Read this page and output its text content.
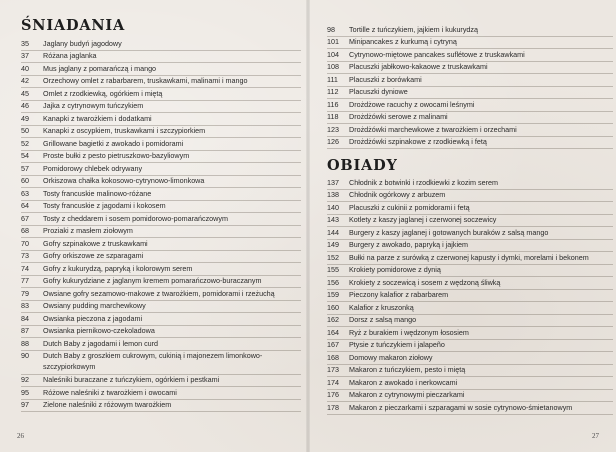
ŚNIADANIA
35	Jaglany budyń jagodowy
37	Różana jaglanka
40	Mus jaglany z pomarańczą i mango
42	Orzechowy omlet z rabarbarem, truskawkami, malinami i mango
45	Omlet z rzodkiewką, ogórkiem i miętą
46	Jajka z cytrynowym tuńczykiem
49	Kanapki z twarożkiem i dodatkami
50	Kanapki z oscypkiem, truskawkami i szczypiorkiem
52	Grillowane bagietki z awokado i pomidorami
54	Proste bułki z pesto pietruszkowo-bazyliowym
57	Pomidorowy chlebek odrywany
60	Orkiszowa chałka kokosowo-cytrynowo-limonkowa
63	Tosty francuskie malinowo-różane
64	Tosty francuskie z jagodami i kokosem
67	Tosty z cheddarem i sosem pomidorowo-pomarańczowym
68	Proziaki z masłem ziołowym
70	Gofry szpinakowe z truskawkami
73	Gofry orkiszowe ze szparagami
74	Gofry z kukurydzą, papryką i kolorowym serem
77	Gofry kukurydziane z jaglanym kremem pomarańczowo-buraczanym
79	Owsiane gofry sezamowo-makowe z twarożkiem, pomidorami i rzeżuchą
83	Owsiany pudding marchewkowy
84	Owsianka pieczona z jagodami
87	Owsianka piernikowo-czekoladowa
88	Dutch Baby z jagodami i lemon curd
90	Dutch Baby z groszkiem cukrowym, cukinią i majonezem limonkowo-szczypiorkowym
92	Naleśniki buraczane z tuńczykiem, ogórkiem i pestkami
95	Różowe naleśniki z twarożkiem i owocami
97	Zielone naleśniki z różowym twarożkiem
26
98	Tortille z tuńczykiem, jajkiem i kukurydzą
101	Minipancakes z kurkumą i cytryną
104	Cytrynowo-miętowe pancakes suflétowe z truskawkami
108	Placuszki jabłkowo-kakaowe z truskawkami
111	Placuszki z borówkami
112	Placuszki dyniowe
116	Drożdżowe racuchy z owocami leśnymi
118	Drożdżówki serowe z malinami
123	Drożdżówki marchewkowe z twarożkiem i orzechami
126	Drożdżówki szpinakowe z rzodkiewką i fetą
OBIADY
137	Chłodnik z botwinki i rzodkiewki z kozim serem
138	Chłodnik ogórkowy z arbuzem
140	Placuszki z cukinii z pomidorami i fetą
143	Kotlety z kaszy jaglanej i czerwonej soczewicy
144	Burgery z kaszy jaglanej i gotowanych buraków z salsą mango
149	Burgery z awokado, papryką i jajkiem
152	Bułki na parze z surówką z czerwonej kapusty i dymki, morelami i bekonem
155	Krokiety pomidorowe z dynią
156	Krokiety z soczewicą i sosem z wędzoną śliwką
159	Pieczony kalafior z rabarbarem
160	Kalafior z kruszonką
162	Dorsz z salsą mango
164	Ryż z burakiem i wędzonym łososiem
167	Ptysie z tuńczykiem i jalapeño
168	Domowy makaron ziołowy
173	Makaron z tuńczykiem, pesto i miętą
174	Makaron z awokado i nerkowcami
176	Makaron z cytrynowymi pieczarkami
178	Makaron z pieczarkami i szparagami w sosie cytrynowo-śmietanowym
27
